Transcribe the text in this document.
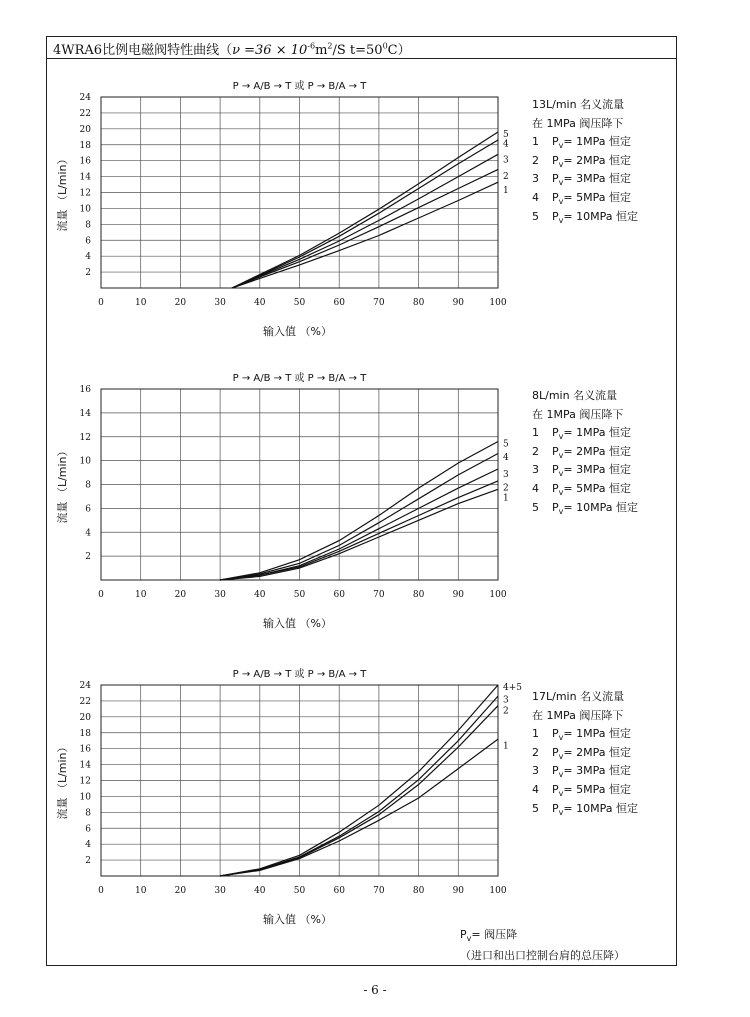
4WRA6比例电磁阀特性曲线（$\nu =36 \times 10^{-6}m^2/S$ $t=50^0C$）
P → A/B → T 或 P → B/A → T
0	10	20	30	40	50	60	70	80	90	100
2
4
6
8
10
12
14
16
18
20
22
24
输入值 （%）
流量 （L/min）	1
2
3
4
5
P → A/B → T 或 P → B/A → T
0	10	20	30	40	50	60	70	80	90	100
2
4
6
8
10
12
14
16
输入值 （%）
流量 （L/min）	1
2
3
4
5
P → A/B → T 或 P → B/A → T
0	10	20	30	40	50	60	70	80	90	100
2
4
6
8
10
12
14
16
18
20
22
24
输入值 （%）
流量 （L/min）	1
2
3
4+5
13L/min 名义流量
在 1MPa 阀压降下
1 $P_v= 1MPa$ 恒定
2 $P_v= 2MPa$ 恒定
3 $P_v= 3MPa$ 恒定
4 $P_v= 5MPa$ 恒定
5 $P_v= 10MPa$ 恒定
8L/min 名义流量
在 1MPa 阀压降下
1 $P_v= 1MPa$ 恒定
2 $P_v= 2MPa$ 恒定
3 $P_v= 3MPa$ 恒定
4 $P_v= 5MPa$ 恒定
5 $P_v= 10MPa$ 恒定
17L/min 名义流量
在 1MPa 阀压降下
1 $P_v= 1MPa$ 恒定
2 $P_v= 2MPa$ 恒定
3 $P_v= 3MPa$ 恒定
4 $P_v= 5MPa$ 恒定
5 $P_v= 10MPa$ 恒定
$P_v=$ 阀压降
（进口和出口控制台肩的总压降）
- 6 -
